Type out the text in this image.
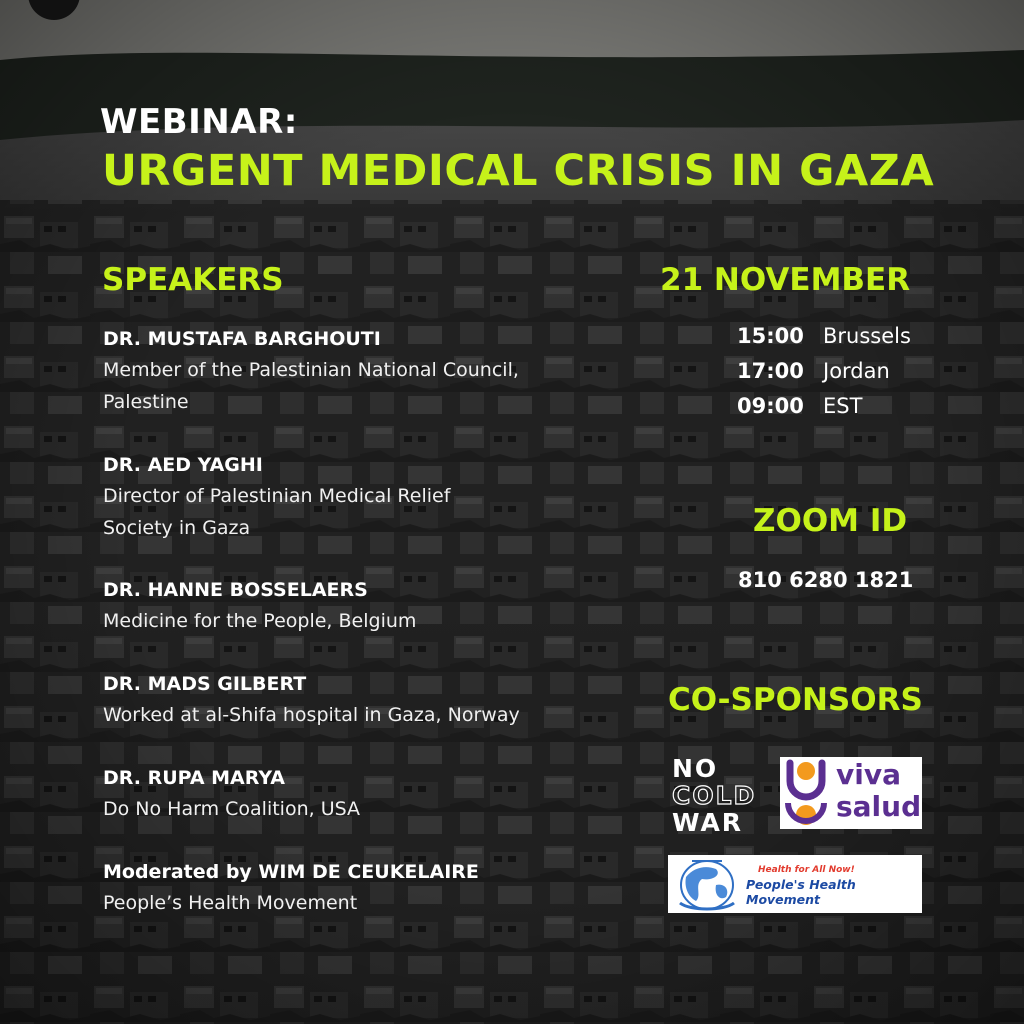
WEBINAR:
URGENT MEDICAL CRISIS IN GAZA
SPEAKERS
DR. MUSTAFA BARGHOUTI
Member of the Palestinian National Council, Palestine
DR. AED YAGHI
Director of Palestinian Medical Relief Society in Gaza
DR. HANNE BOSSELAERS
Medicine for the People, Belgium
DR. MADS GILBERT
Worked at al-Shifa hospital in Gaza, Norway
DR. RUPA MARYA
Do No Harm Coalition, USA
Moderated by WIM DE CEUKELAIRE
People’s Health Movement
21 NOVEMBER
15:00 Brussels
17:00 Jordan
09:00 EST
ZOOM ID
810 6280 1821
CO-SPONSORS
NO
COLD
WAR
viva
salud
Health for All Now!
People's Health Movement
